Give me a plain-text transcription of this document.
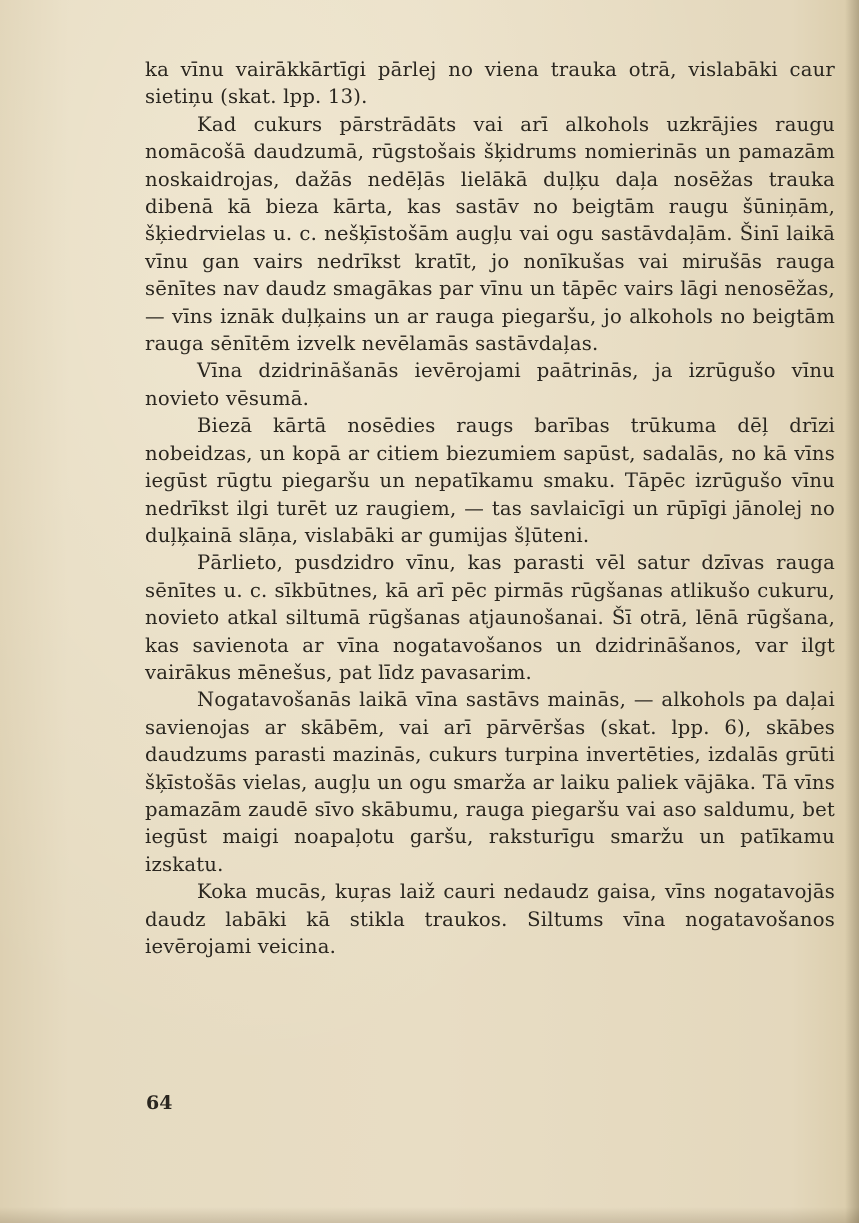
ka vīnu vairākkārtīgi pārlej no viena trauka otrā, vislabāki caur sietiņu (skat. lpp. 13).

Kad cukurs pārstrādāts vai arī alkohols uzkrājies raugu nomācošā daudzumā, rūgstošais šķidrums nomierinās un pamazām noskaidrojas, dažās nedēļās lielākā duļķu daļa nosēžas trauka dibenā kā bieza kārta, kas sastāv no beigtām raugu šūniņām, šķiedrvielas u. c. nešķīstošām augļu vai ogu sastāvdaļām. Šinī laikā vīnu gan vairs nedrīkst kratīt, jo nonīkušas vai mirušās rauga sēnītes nav daudz smagākas par vīnu un tāpēc vairs lāgi nenosēžas, — vīns iznāk duļķains un ar rauga piegaršu, jo alkohols no beigtām rauga sēnītēm izvelk nevēlamās sastāvdaļas.

Vīna dzidrināšanās ievērojami paātrinās, ja izrūgušo vīnu novieto vēsumā.

Biezā kārtā nosēdies raugs barības trūkuma dēļ drīzi nobeidzas, un kopā ar citiem biezumiem sapūst, sadalās, no kā vīns iegūst rūgtu piegaršu un nepatīkamu smaku. Tāpēc izrūgušo vīnu nedrīkst ilgi turēt uz raugiem, — tas savlaicīgi un rūpīgi jānolej no duļķainā slāņa, vislabāki ar gumijas šļūteni.

Pārlieto, pusdzidro vīnu, kas parasti vēl satur dzīvas rauga sēnītes u. c. sīkbūtnes, kā arī pēc pirmās rūgšanas atlikušo cukuru, novieto atkal siltumā rūgšanas atjaunošanai. Šī otrā, lēnā rūgšana, kas savienota ar vīna nogatavošanos un dzidrināšanos, var ilgt vairākus mēnešus, pat līdz pavasarim.

Nogatavošanās laikā vīna sastāvs mainās, — alkohols pa daļai savienojas ar skābēm, vai arī pārvēršas (skat. lpp. 6), skābes daudzums parasti mazinās, cukurs turpina invertēties, izdalās grūti šķīstošās vielas, augļu un ogu smarža ar laiku paliek vājāka. Tā vīns pamazām zaudē sīvo skābumu, rauga piegaršu vai aso saldumu, bet iegūst maigi noapaļotu garšu, raksturīgu smaržu un patīkamu izskatu.

Koka mucās, kuŗas laiž cauri nedaudz gaisa, vīns nogatavojās daudz labāki kā stikla traukos. Siltums vīna nogatavošanos ievērojami veicina.

64
